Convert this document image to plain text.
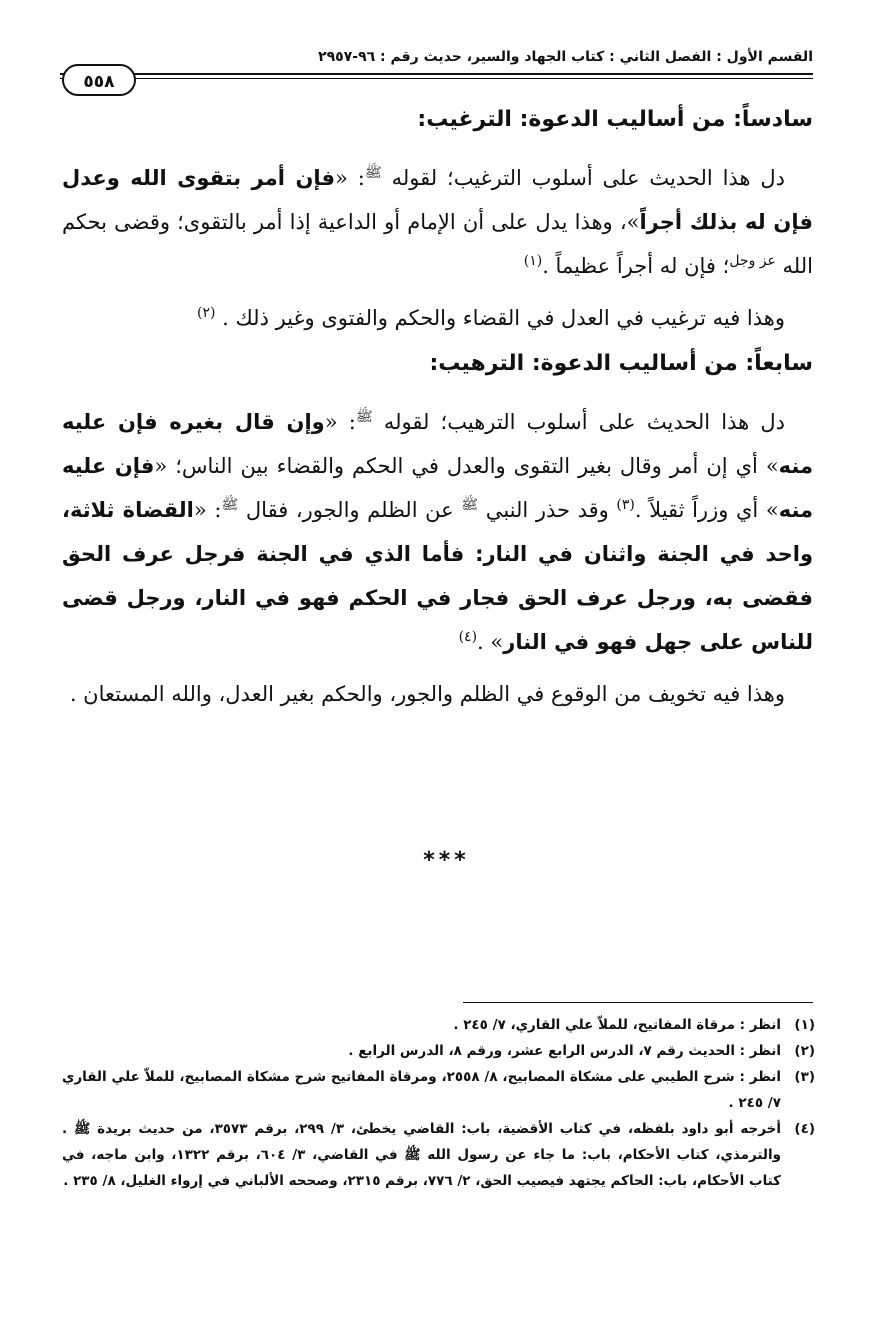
القسم الأول : الفصل الثاني : كتاب الجهاد والسير، حديث رقم : ٩٦-٢٩٥٧
٥٥٨
سادساً: من أساليب الدعوة: الترغيب:

دل هذا الحديث على أسلوب الترغيب؛ لقوله $^ﷺ$: «فإن أمر بتقوى الله وعدل فإن له بذلك أجراً»، وهذا يدل على أن الإمام أو الداعية إذا أمر بالتقوى؛ وقضى بحكم الله $^{عز وجل}$؛ فإن له أجراً عظيماً .$^{(١)}$

وهذا فيه ترغيب في العدل في القضاء والحكم والفتوى وغير ذلك . $^{(٢)}$

سابعاً: من أساليب الدعوة: الترهيب:

دل هذا الحديث على أسلوب الترهيب؛ لقوله $^ﷺ$: «وإن قال بغيره فإن عليه منه» أي إن أمر وقال بغير التقوى والعدل في الحكم والقضاء بين الناس؛ «فإن عليه منه» أي وزراً ثقيلاً .$^{(٣)}$ وقد حذر النبي $^ﷺ$ عن الظلم والجور، فقال $^ﷺ$: «القضاة ثلاثة، واحد في الجنة واثنان في النار: فأما الذي في الجنة فرجل عرف الحق فقضى به، ورجل عرف الحق فجار في الحكم فهو في النار، ورجل قضى للناس على جهل فهو في النار» .$^{(٤)}$

وهذا فيه تخويف من الوقوع في الظلم والجور، والحكم بغير العدل، والله المستعان .

***
(١)
انظر : مرقاة المفاتيح، للملاّ علي القاري، ٧/ ٢٤٥ .
(٢)
انظر : الحديث رقم ٧، الدرس الرابع عشر، ورقم ٨، الدرس الرابع .
(٣)
انظر : شرح الطيبي على مشكاة المصابيح، ٨/ ٢٥٥٨، ومرقاة المفاتيح شرح مشكاة المصابيح، للملاّ علي القاري ٧/ ٢٤٥ .
(٤)
أخرجه أبو داود بلفظه، في كتاب الأقضية، باب: القاضي يخطئ، ٣/ ٢٩٩، برقم ٣٥٧٣، من حديث بريدة ﷺ . والترمذي، كتاب الأحكام، باب: ما جاء عن رسول الله ﷺ في القاضي، ٣/ ٦٠٤، برقم ١٣٢٢، وابن ماجه، في كتاب الأحكام، باب: الحاكم يجتهد فيصيب الحق، ٢/ ٧٧٦، برقم ٢٣١٥، وصححه الألباني في إرواء الغليل، ٨/ ٢٣٥ .
